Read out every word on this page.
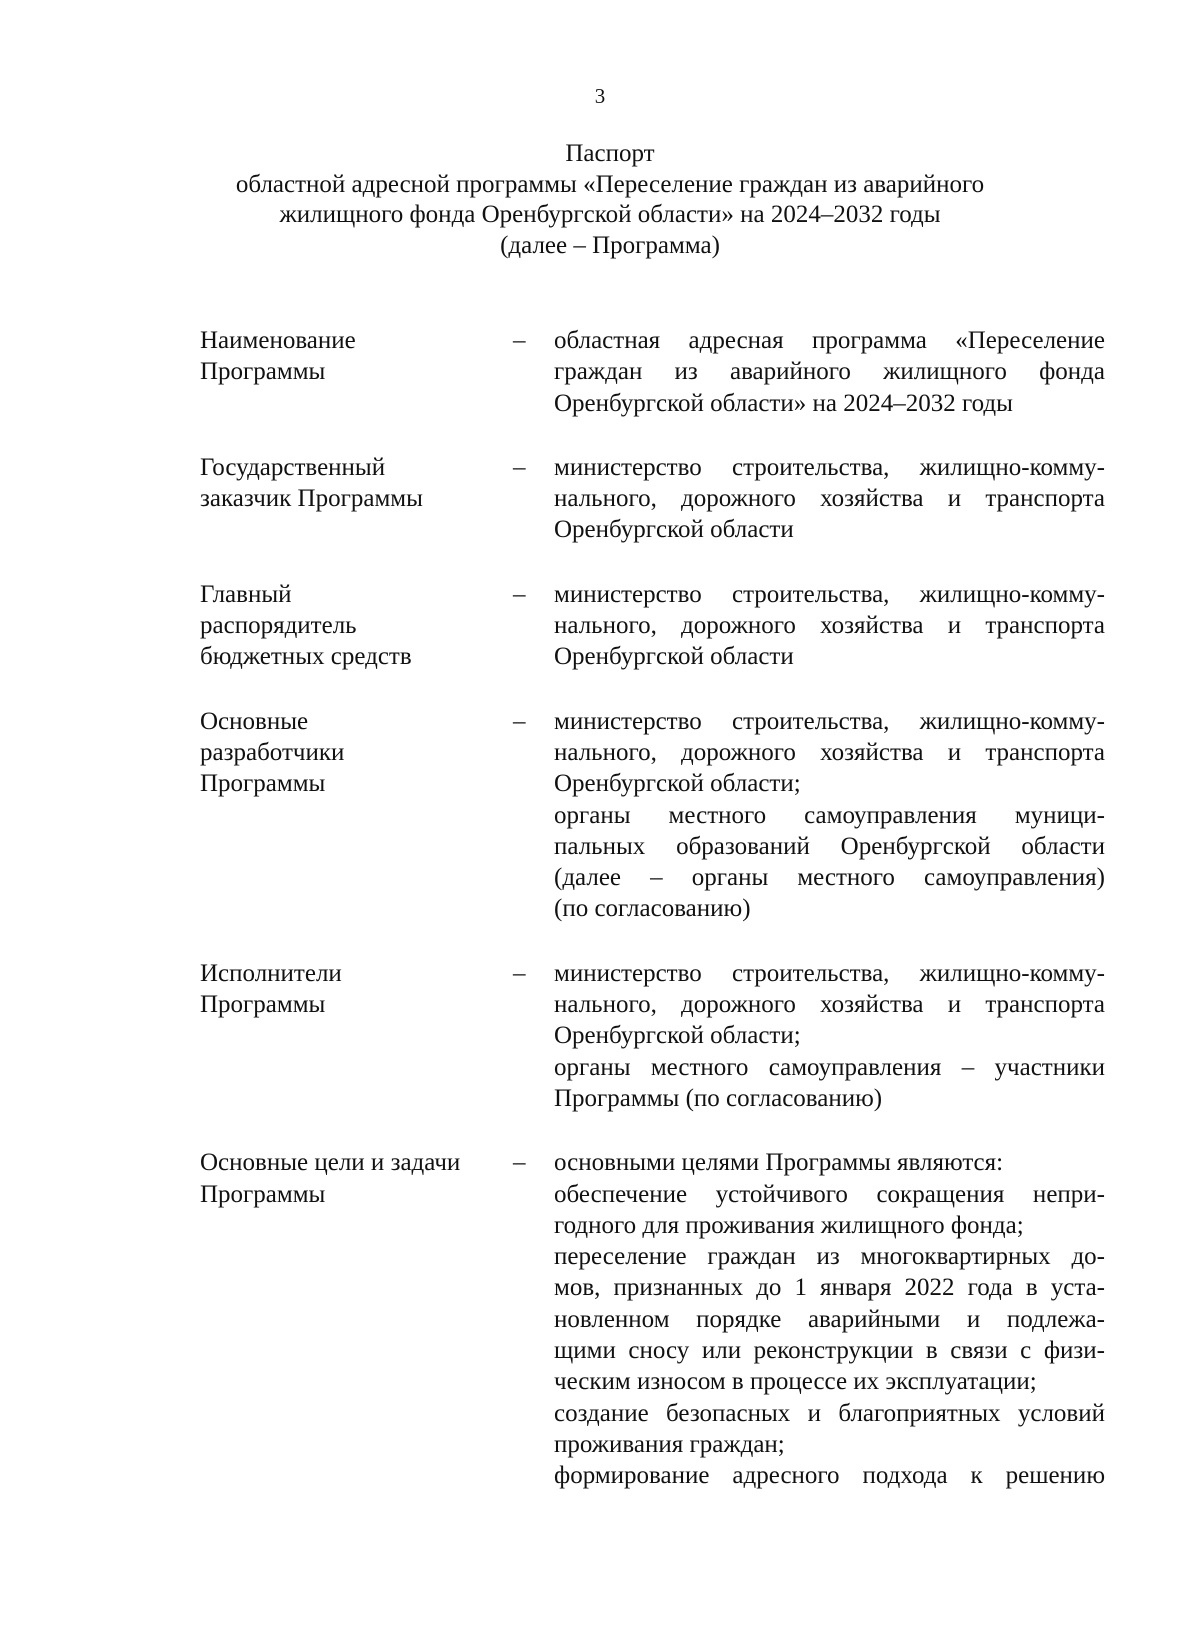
3
Паспорт
областной адресной программы «Переселение граждан из аварийного
жилищного фонда Оренбургской области» на 2024–2032 годы
(далее – Программа)
Наименование
Программы
– областная адресная программа «Переселение
граждан из аварийного жилищного фонда
Оренбургской области» на 2024–2032 годы
Государственный
заказчик Программы
– министерство строительства, жилищно-комму-
нального, дорожного хозяйства и транспорта
Оренбургской области
Главный
распорядитель
бюджетных средств
– министерство строительства, жилищно-комму-
нального, дорожного хозяйства и транспорта
Оренбургской области
Основные
разработчики
Программы
– министерство строительства, жилищно-комму-
нального, дорожного хозяйства и транспорта
Оренбургской области;
органы местного самоуправления муници-
пальных образований Оренбургской области
(далее – органы местного самоуправления)
(по согласованию)
Исполнители
Программы
– министерство строительства, жилищно-комму-
нального, дорожного хозяйства и транспорта
Оренбургской области;
органы местного самоуправления – участники
Программы (по согласованию)
Основные цели и задачи
Программы
– основными целями Программы являются:
обеспечение устойчивого сокращения непри-
годного для проживания жилищного фонда;
переселение граждан из многоквартирных до-
мов, признанных до 1 января 2022 года в уста-
новленном порядке аварийными и подлежа-
щими сносу или реконструкции в связи с физи-
ческим износом в процессе их эксплуатации;
создание безопасных и благоприятных условий
проживания граждан;
формирование адресного подхода к решению
